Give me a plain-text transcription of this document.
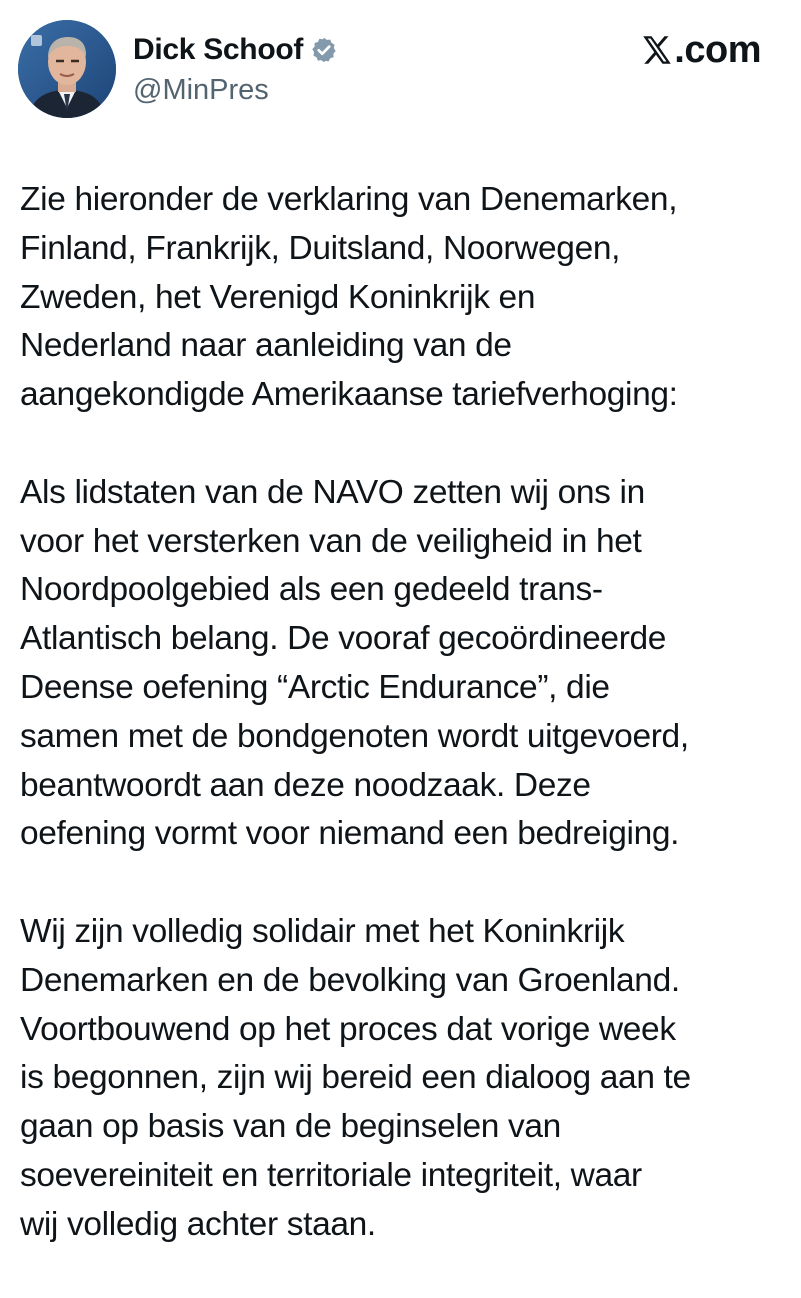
Dick Schoof
@MinPres
.com
Zie hieronder de verklaring van Denemarken,
Finland, Frankrijk, Duitsland, Noorwegen,
Zweden, het Verenigd Koninkrijk en
Nederland naar aanleiding van de
aangekondigde Amerikaanse tariefverhoging:
Als lidstaten van de NAVO zetten wij ons in
voor het versterken van de veiligheid in het
Noordpoolgebied als een gedeeld trans-
Atlantisch belang. De vooraf gecoördineerde
Deense oefening “Arctic Endurance”, die
samen met de bondgenoten wordt uitgevoerd,
beantwoordt aan deze noodzaak. Deze
oefening vormt voor niemand een bedreiging.
Wij zijn volledig solidair met het Koninkrijk
Denemarken en de bevolking van Groenland.
Voortbouwend op het proces dat vorige week
is begonnen, zijn wij bereid een dialoog aan te
gaan op basis van de beginselen van
soevereiniteit en territoriale integriteit, waar
wij volledig achter staan.
